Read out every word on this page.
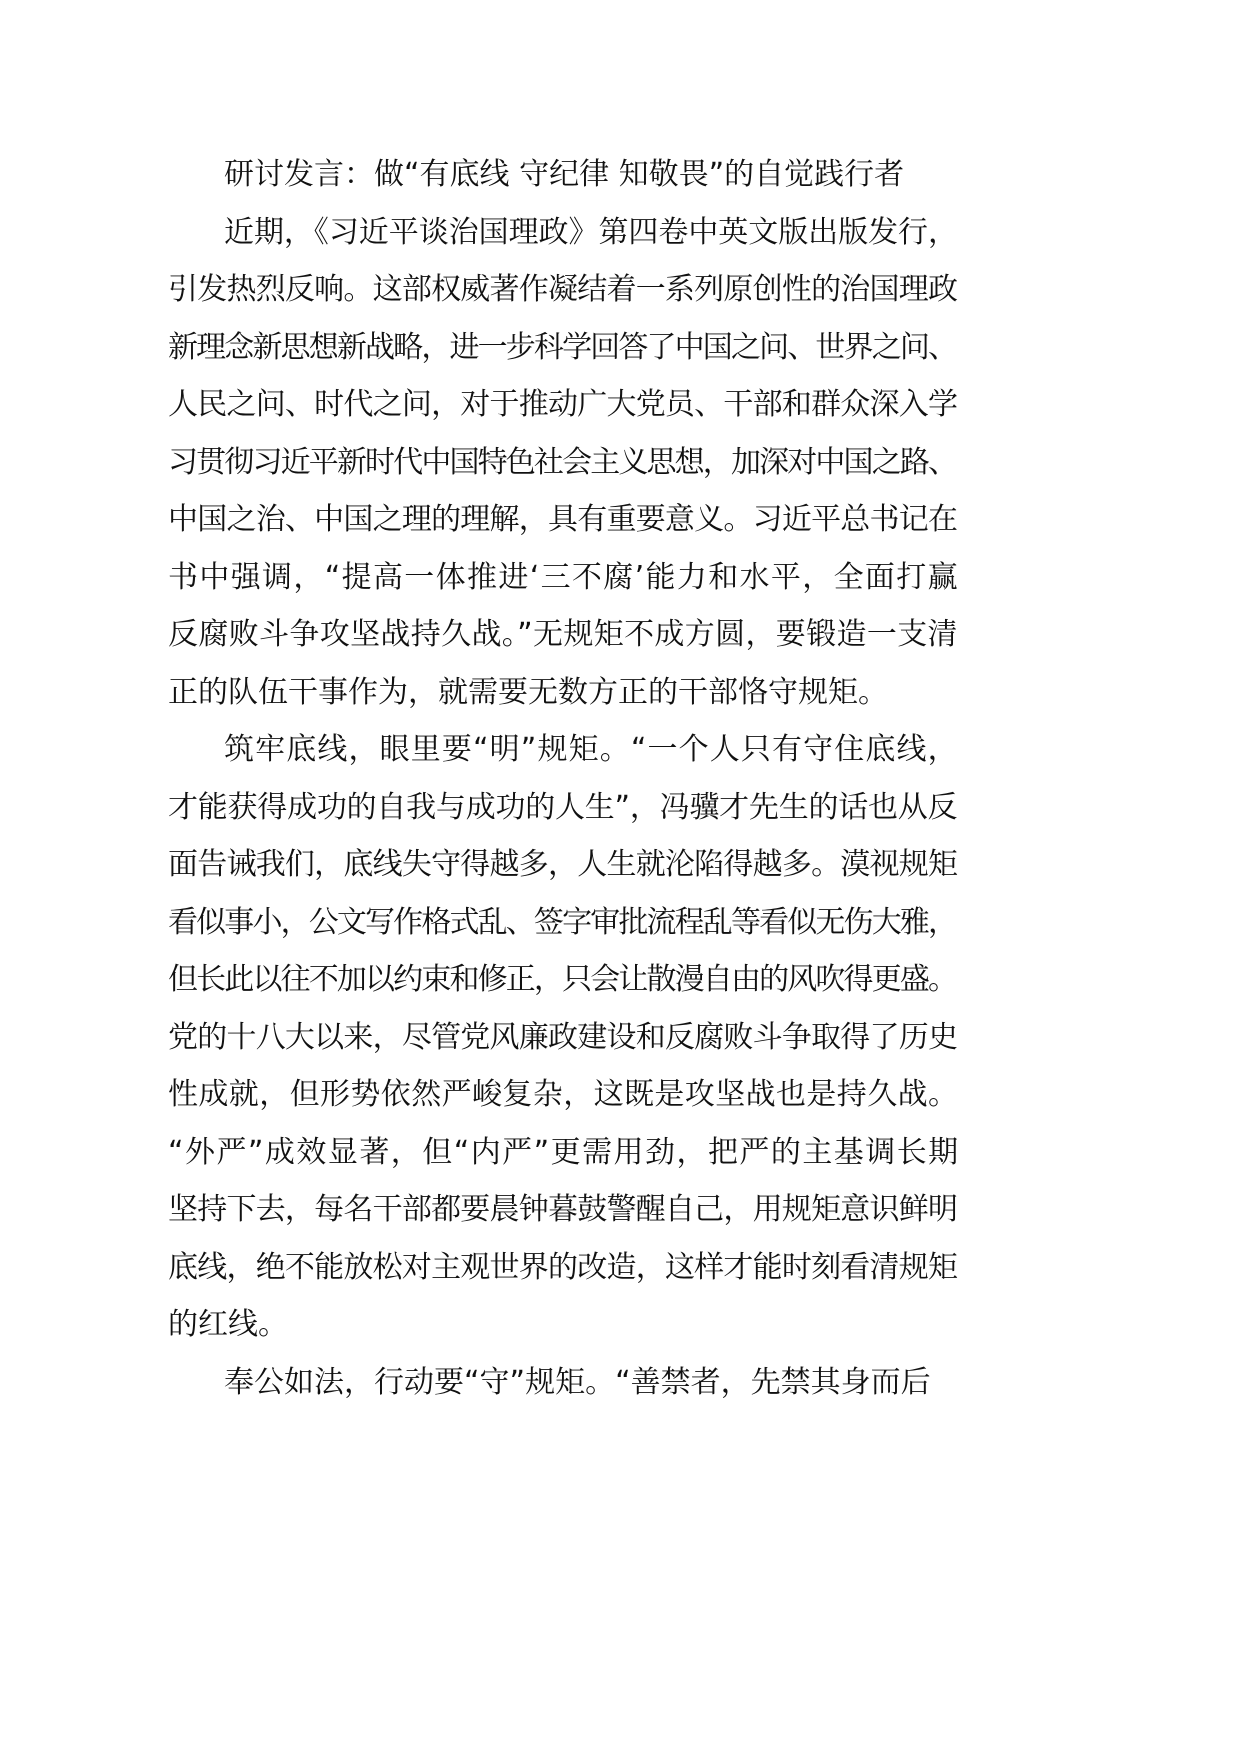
研讨发言：做“有底线 守纪律 知敬畏”的自觉践行者

近期，《习近平谈治国理政》第四卷中英文版出版发行，

引发热烈反响。这部权威著作凝结着一系列原创性的治国理政

新理念新思想新战略，进一步科学回答了中国之问、世界之问、

人民之问、时代之问，对于推动广大党员、干部和群众深入学

习贯彻习近平新时代中国特色社会主义思想，加深对中国之路、

中国之治、中国之理的理解，具有重要意义。习近平总书记在

书中强调，“提高一体推进‘三不腐’能力和水平，全面打赢

反腐败斗争攻坚战持久战。”无规矩不成方圆，要锻造一支清

正的队伍干事作为，就需要无数方正的干部恪守规矩。

筑牢底线，眼里要“明”规矩。“一个人只有守住底线，

才能获得成功的自我与成功的人生”，冯骥才先生的话也从反

面告诫我们，底线失守得越多，人生就沦陷得越多。漠视规矩

看似事小，公文写作格式乱、签字审批流程乱等看似无伤大雅，

但长此以往不加以约束和修正，只会让散漫自由的风吹得更盛。

党的十八大以来，尽管党风廉政建设和反腐败斗争取得了历史

性成就，但形势依然严峻复杂，这既是攻坚战也是持久战。

“外严”成效显著，但“内严”更需用劲，把严的主基调长期

坚持下去，每名干部都要晨钟暮鼓警醒自己，用规矩意识鲜明

底线，绝不能放松对主观世界的改造，这样才能时刻看清规矩

的红线。

奉公如法，行动要“守”规矩。“善禁者，先禁其身而后
